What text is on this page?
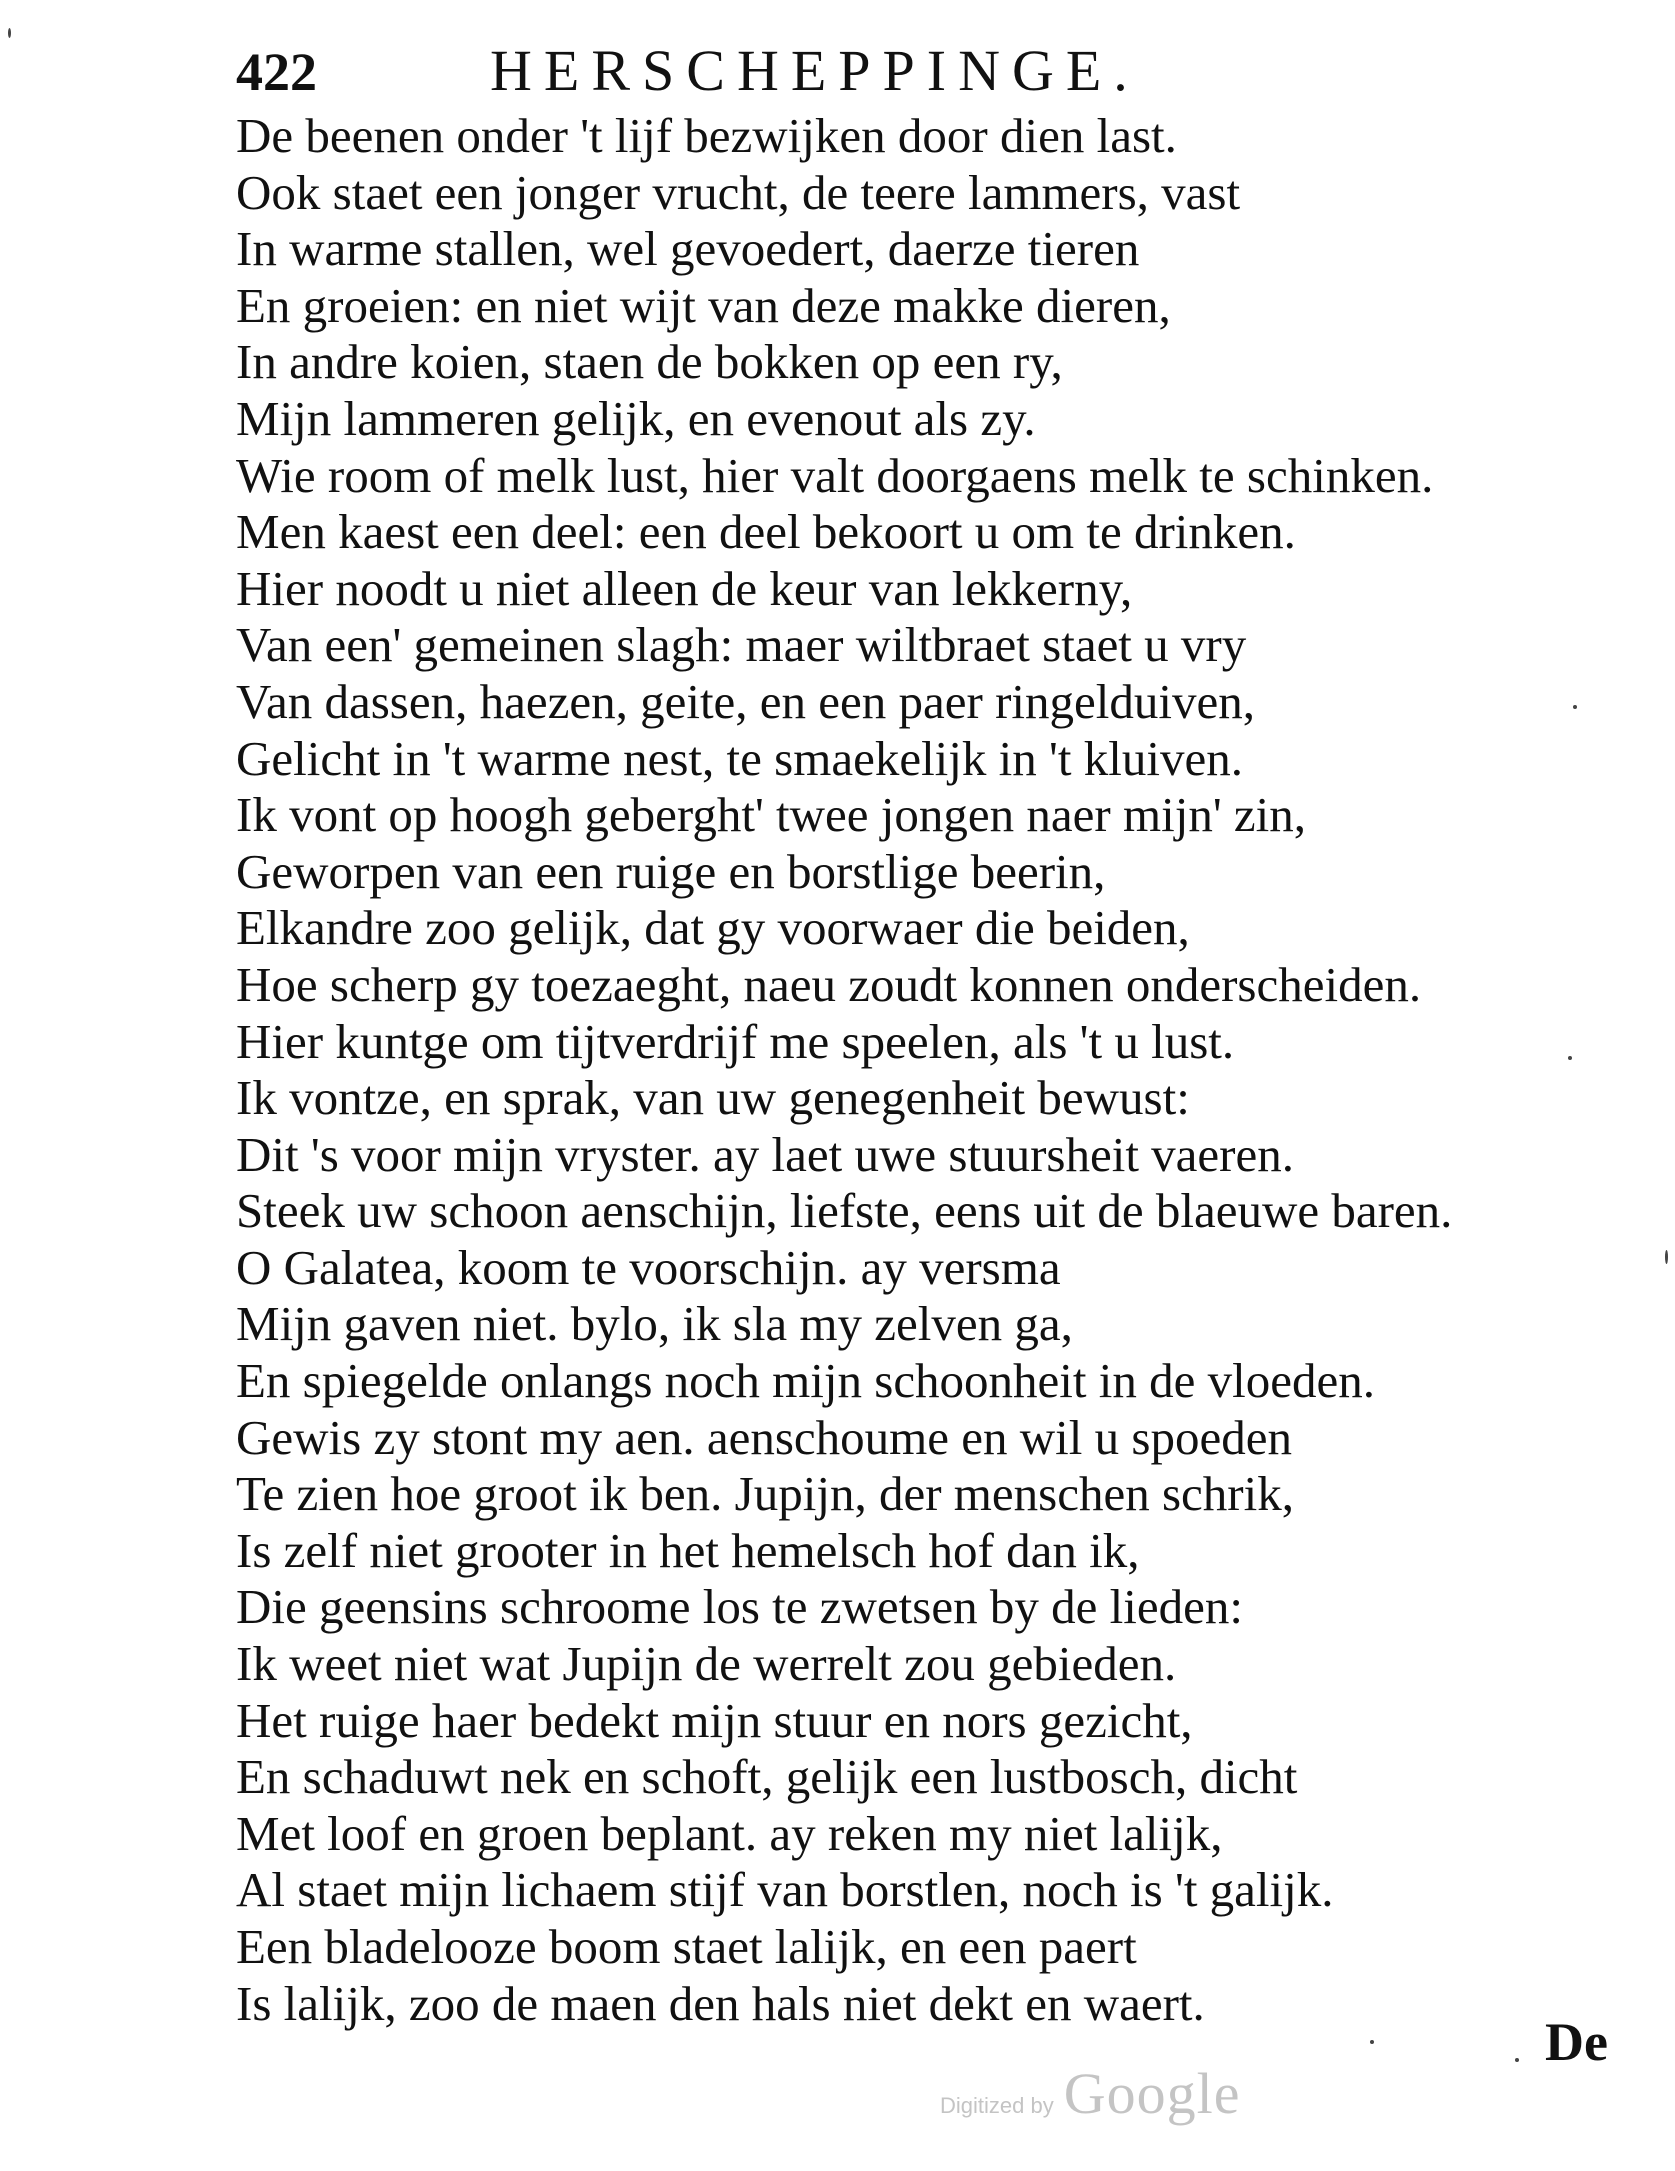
422	HERSCHEPPINGE.
De beenen onder 't lijf bezwijken door dien last.
Ook staet een jonger vrucht, de teere lammers, vast
In warme stallen, wel gevoedert, daerze tieren
En groeien: en niet wijt van deze makke dieren,
In andre koien, staen de bokken op een ry,
Mijn lammeren gelijk, en evenout als zy.
Wie room of melk lust, hier valt doorgaens melk te schinken.
Men kaest een deel: een deel bekoort u om te drinken.
Hier noodt u niet alleen de keur van lekkerny,
Van een' gemeinen slagh: maer wiltbraet staet u vry
Van dassen, haezen, geite, en een paer ringelduiven,
Gelicht in 't warme nest, te smaekelijk in 't kluiven.
Ik vont op hoogh geberght' twee jongen naer mijn' zin,
Geworpen van een ruige en borstlige beerin,
Elkandre zoo gelijk, dat gy voorwaer die beiden,
Hoe scherp gy toezaeght, naeu zoudt konnen onderscheiden.
Hier kuntge om tijtverdrijf me speelen, als 't u lust.
Ik vontze, en sprak, van uw genegenheit bewust:
Dit 's voor mijn vryster. ay laet uwe stuursheit vaeren.
Steek uw schoon aenschijn, liefste, eens uit de blaeuwe baren.
O Galatea, koom te voorschijn. ay versma
Mijn gaven niet. bylo, ik sla my zelven ga,
En spiegelde onlangs noch mijn schoonheit in de vloeden.
Gewis zy stont my aen. aenschoume en wil u spoeden
Te zien hoe groot ik ben. Jupijn, der menschen schrik,
Is zelf niet grooter in het hemelsch hof dan ik,
Die geensins schroome los te zwetsen by de lieden:
Ik weet niet wat Jupijn de werrelt zou gebieden.
Het ruige haer bedekt mijn stuur en nors gezicht,
En schaduwt nek en schoft, gelijk een lustbosch, dicht
Met loof en groen beplant. ay reken my niet lalijk,
Al staet mijn lichaem stijf van borstlen, noch is 't galijk.
Een bladelooze boom staet lalijk, en een paert
Is lalijk, zoo de maen den hals niet dekt en waert.
De
Digitized by Google
